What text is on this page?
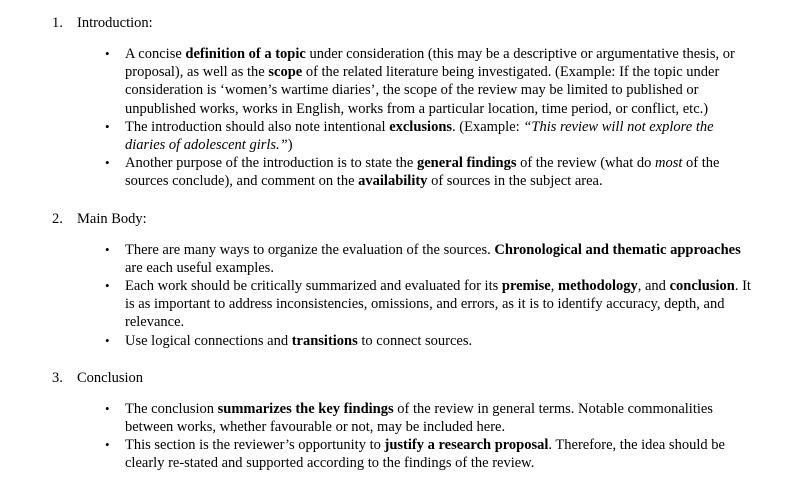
1. Introduction:
•	A concise definition of a topic under consideration (this may be a descriptive or argumentative thesis, or proposal), as well as the scope of the related literature being investigated. (Example: If the topic under consideration is ‘women’s wartime diaries’, the scope of the review may be limited to published or unpublished works, works in English, works from a particular location, time period, or conflict, etc.)
•	The introduction should also note intentional exclusions. (Example: “This review will not explore the diaries of adolescent girls.”)
•	Another purpose of the introduction is to state the general findings of the review (what do most of the sources conclude), and comment on the availability of sources in the subject area.
2. Main Body:
•	There are many ways to organize the evaluation of the sources. Chronological and thematic approaches are each useful examples.
•	Each work should be critically summarized and evaluated for its premise, methodology, and conclusion. It is as important to address inconsistencies, omissions, and errors, as it is to identify accuracy, depth, and relevance.
•	Use logical connections and transitions to connect sources.
3. Conclusion
•	The conclusion summarizes the key findings of the review in general terms. Notable commonalities between works, whether favourable or not, may be included here.
•	This section is the reviewer’s opportunity to justify a research proposal. Therefore, the idea should be clearly re-stated and supported according to the findings of the review.
